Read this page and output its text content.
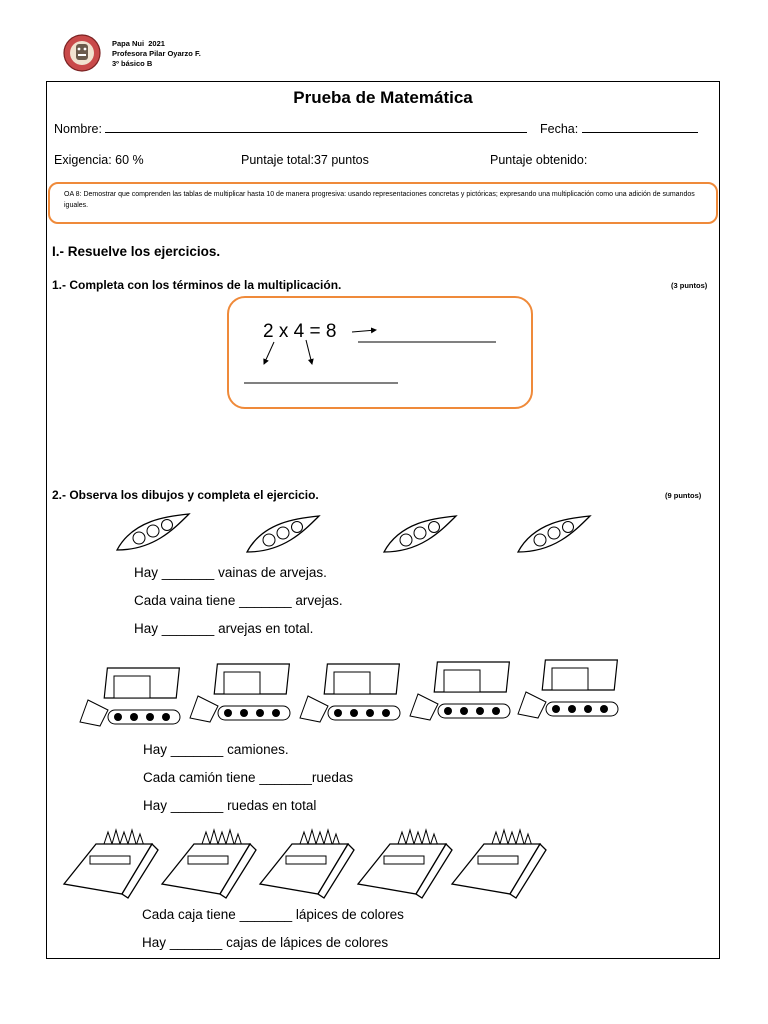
Papa Nui  2021
Profesora Pilar Oyarzo F.
3º básico B
Prueba de Matemática
Nombre:	Fecha:
Exigencia: 60 %	Puntaje total:37 puntos	Puntaje obtenido:
OA 8: Demostrar que comprenden las tablas de multiplicar hasta 10 de manera progresiva: usando representaciones concretas y pictóricas; expresando una multiplicación como una adición de sumandos iguales.
I.- Resuelve los ejercicios.
1.- Completa con los términos de la multiplicación.	(3 puntos)
2 x 4 = 8
2.- Observa los dibujos y completa el ejercicio.	(9 puntos)
Hay _______ vainas de arvejas.
Cada vaina tiene _______ arvejas.
Hay _______ arvejas en total.
Hay _______ camiones.
Cada camión tiene _______ruedas
Hay _______ ruedas en total
Cada caja tiene _______ lápices de colores
Hay _______ cajas de lápices de colores
